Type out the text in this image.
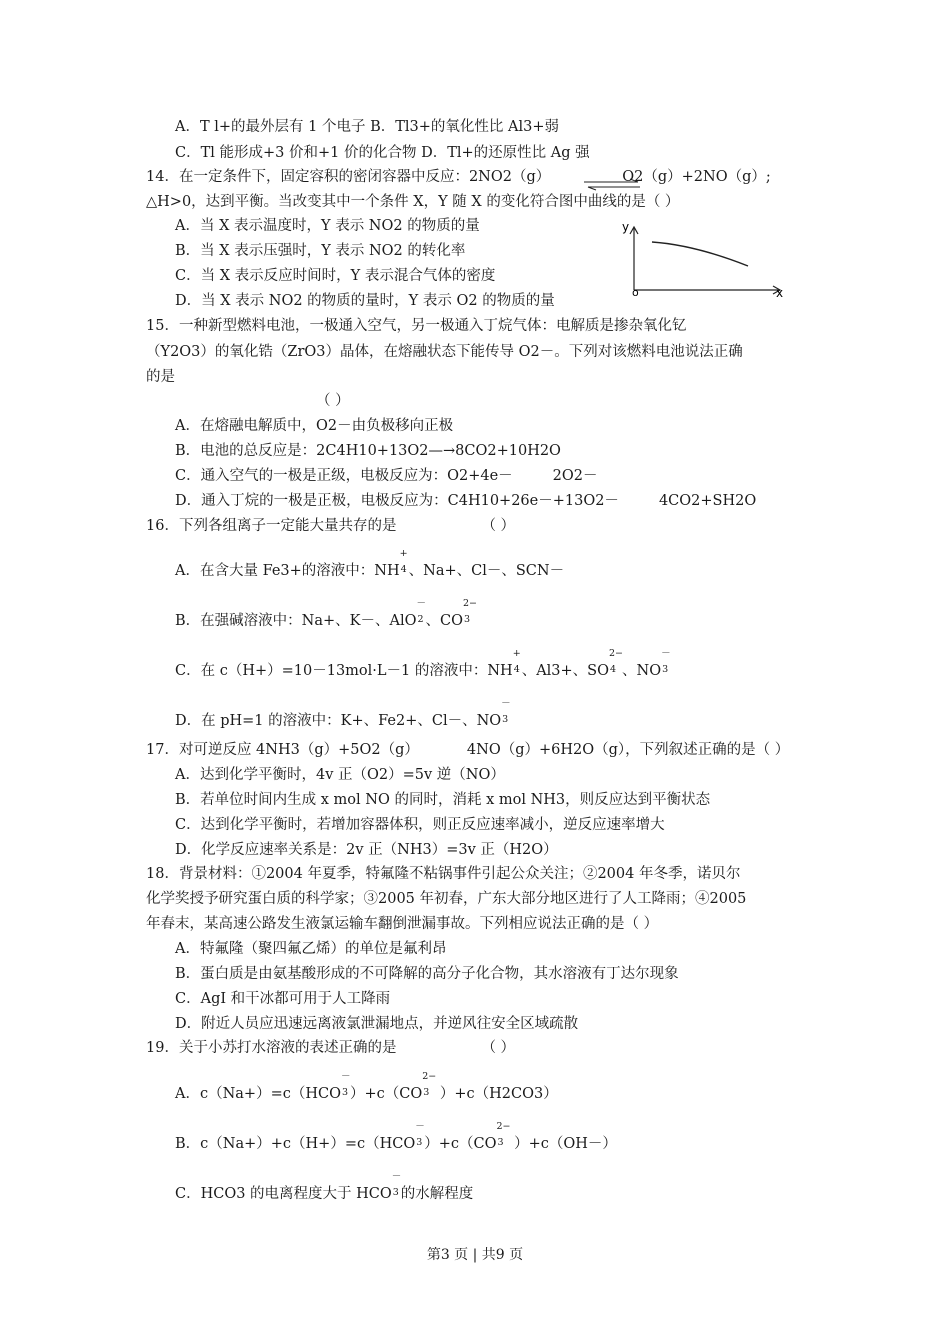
A．T l+的最外层有 1 个电子 B．Tl3+的氧化性比 Al3+弱
C．Tl 能形成+3 价和+1 价的化合物 D．Tl+的还原性比 Ag 强
14．在一定条件下，固定容积的密闭容器中反应：2NO2（g）	O2（g）+2NO（g）;
△H>0，达到平衡。当改变其中一个条件 X，Y 随 X 的变化符合图中曲线的是（ ）
A．当 X 表示温度时，Y 表示 NO2 的物质的量
B．当 X 表示压强时，Y 表示 NO2 的转化率
C．当 X 表示反应时间时，Y 表示混合气体的密度
D．当 X 表示 NO2 的物质的量时，Y 表示 O2 的物质的量
y
o	x
15．一种新型燃料电池，一极通入空气，另一极通入丁烷气体：电解质是掺杂氧化钇
（Y2O3）的氧化锆（ZrO3）晶体，在熔融状态下能传导 O2－。下列对该燃料电池说法正确
的是
（ ）
A．在熔融电解质中，O2－由负极移向正极
B．电池的总反应是：2C4H10+13O2—→8CO2+10H2O
C．通入空气的一极是正级，电极反应为：O2+4e－	2O2－
D．通入丁烷的一极是正极，电极反应为：C4H10+26e－+13O2－	4CO2+SH2O
16．下列各组离子一定能大量共存的是	（ ）
A．在含大量 Fe3+的溶液中：NH
+
4 、Na+、Cl－、SCN－
B．在强碱溶液中：Na+、K－、AlO
－
2 、CO
2−
3
C．在 c（H+）=10－13mol·L－1 的溶液中：NH
+
4 、Al3+、SO
2−
4 、NO
－
3
D．在 pH=1 的溶液中：K+、Fe2+、Cl－、NO
－
3
17．对可逆反应 4NH3（g）+5O2（g）	4NO（g）+6H2O（g），下列叙述正确的是（ ）
A．达到化学平衡时，4v 正（O2）=5v 逆（NO）
B．若单位时间内生成 x mol NO 的同时，消耗 x mol NH3，则反应达到平衡状态
C．达到化学平衡时，若增加容器体积，则正反应速率减小，逆反应速率增大
D．化学反应速率关系是：2v 正（NH3）=3v 正（H2O）
18．背景材料：①2004 年夏季，特氟隆不粘锅事件引起公众关注；②2004 年冬季，诺贝尔
化学奖授予研究蛋白质的科学家；③2005 年初春，广东大部分地区进行了人工降雨；④2005
年春末，某高速公路发生液氯运输车翻倒泄漏事故。下列相应说法正确的是（ ）
A．特氟隆（聚四氟乙烯）的单位是氟利昂
B．蛋白质是由氨基酸形成的不可降解的高分子化合物，其水溶液有丁达尔现象
C．AgI 和干冰都可用于人工降雨
D．附近人员应迅速远离液氯泄漏地点，并逆风往安全区域疏散
19．关于小苏打水溶液的表述正确的是	（ ）
A．c（Na+）=c（HCO
－
3 ）+c（CO
2−
3 ）+c（H2CO3）
B．c（Na+）+c（H+）=c（HCO
－
3 ）+c（CO
2−
3 ）+c（OH－）
C．HCO3 的电离程度大于 HCO
－
3 的水解程度
第3 页 | 共9 页
